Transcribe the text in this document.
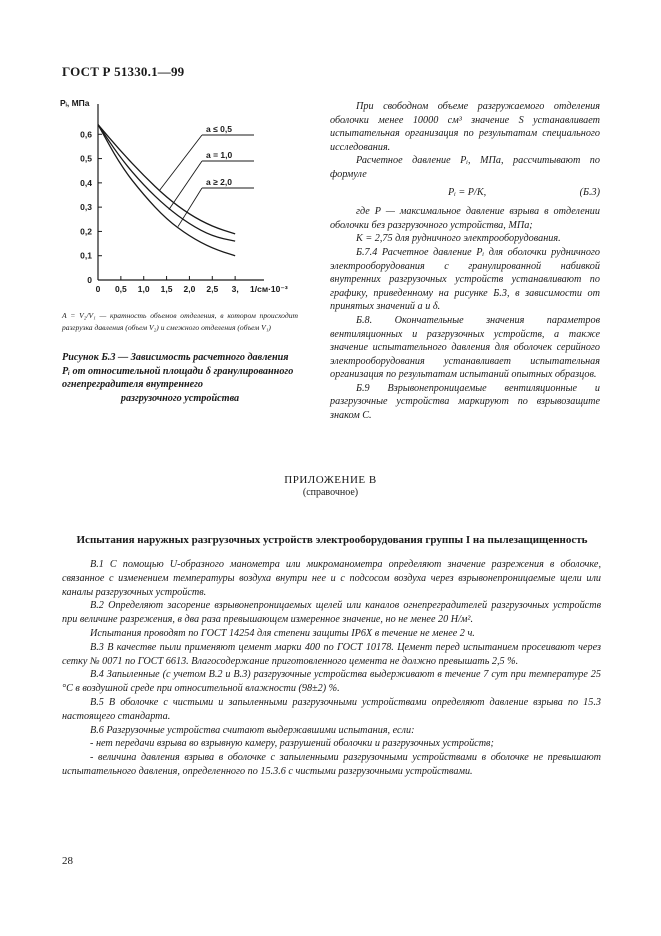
ГОСТ Р 51330.1—99
0
0,1
0,2
0,3
0,4
0,5
0,6
0 0,5 1,0 1,5 2,0 2,5 3,
Pᵢ, МПа
1/см·10⁻³
a ≤ 0,5
a = 1,0
a ≥ 2,0
A = V₂/V₁ — кратность объемов отделения, в котором происходит разгрузка давления (объем V₂) и смежного отделения (объем V₁)
Рисунок Б.3 — Зависимость расчетного давления Pᵢ от относительной площади δ гранулированного огнепреградителя внутреннего
разгрузочного устройства

При свободном объеме разгружаемого отделения оболочки менее 10000 см³ значение S устанавливает испытательная организация по результатам специального исследования.

Расчетное давление Pᵢ, МПа, рассчитывают по формуле

Pᵢ = P/K,	(Б.3)

где P — максимальное давление взрыва в отделении оболочки без разгрузочного устройства, МПа;

K = 2,75 для рудничного электрооборудования.

Б.7.4 Расчетное давление Pᵢ для оболочки рудничного электрооборудования с гранулированной набивкой внутренних разгрузочных устройств устанавливают по графику, приведенному на рисунке Б.3, в зависимости от принятых значений a и δ.

Б.8. Окончательные значения параметров вентиляционных и разгрузочных устройств, а также значение испытательного давления для оболочек серийного электрооборудования устанавливает испытательная организация по результатам испытаний опытных образцов.

Б.9 Взрывонепроницаемые вентиляционные и разгрузочные устройства маркируют по взрывозащите знаком С.

ПРИЛОЖЕНИЕ В
(справочное)
Испытания наружных разгрузочных устройств электрооборудования группы I на пылезащищенность

В.1 С помощью U-образного манометра или микроманометра определяют значение разрежения в оболочке, связанное с изменением температуры воздуха внутри нее и с подсосом воздуха через взрывонепроницаемые щели или каналы разгрузочных устройств.

В.2 Определяют засорение взрывонепроницаемых щелей или каналов огнепреградителей разгрузочных устройств при величине разрежения, в два раза превышающем измеренное значение, но не менее 20 Н/м².

Испытания проводят по ГОСТ 14254 для степени защиты IP6X в течение не менее 2 ч.

В.3 В качестве пыли применяют цемент марки 400 по ГОСТ 10178. Цемент перед испытанием просеивают через сетку № 0071 по ГОСТ 6613. Влагосодержание приготовленного цемента не должно превышать 2,5 %.

В.4 Запыленные (с учетом В.2 и В.3) разгрузочные устройства выдерживают в течение 7 сут при температуре 25 °С в воздушной среде при относительной влажности (98±2) %.

В.5 В оболочке с чистыми и запыленными разгрузочными устройствами определяют давление взрыва по 15.3 настоящего стандарта.

В.6 Разгрузочные устройства считают выдержавшими испытания, если:

- нет передачи взрыва во взрывную камеру, разрушений оболочки и разгрузочных устройств;

- величина давления взрыва в оболочке с запыленными разгрузочными устройствами в оболочке не превышают испытательного давления, определенного по 15.3.6 с чистыми разгрузочными устройствами.

28
